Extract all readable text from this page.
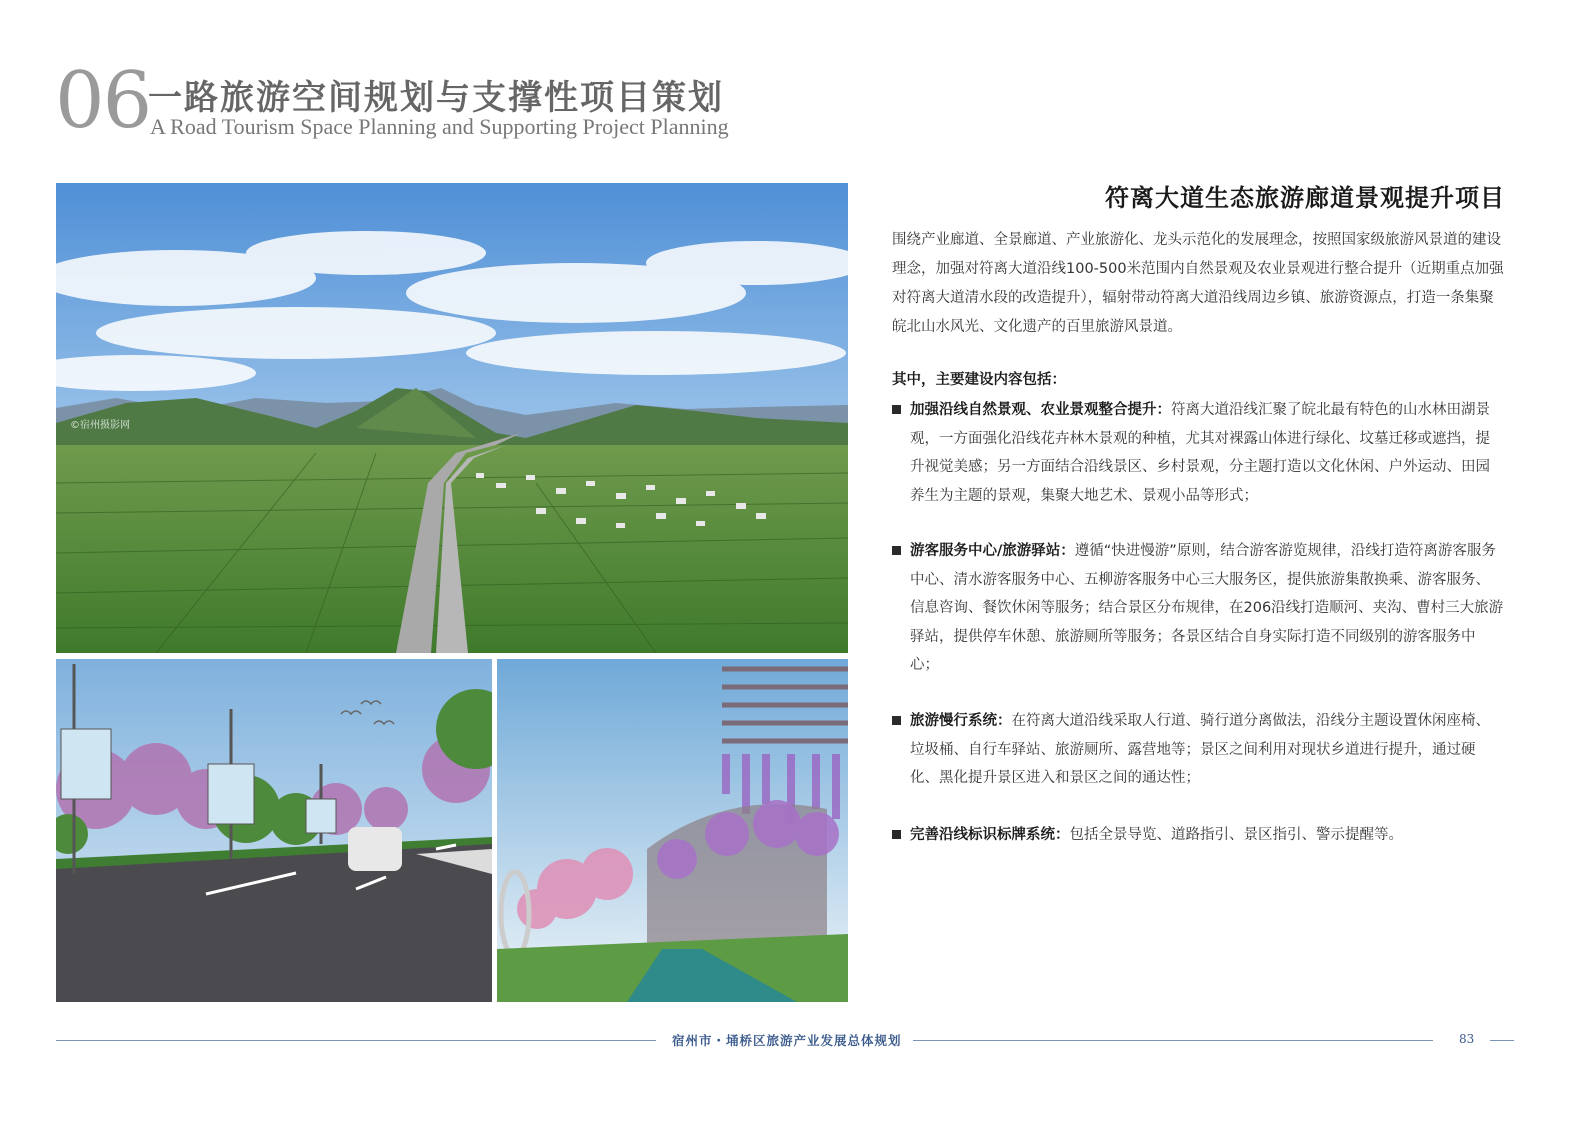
06
一路旅游空间规划与支撑性项目策划
A Road Tourism Space Planning and Supporting Project Planning
©宿州摄影网
符离大道生态旅游廊道景观提升项目

围绕产业廊道、全景廊道、产业旅游化、龙头示范化的发展理念，按照国家级旅游风景道的建设理念，加强对符离大道沿线100-500米范围内自然景观及农业景观进行整合提升（近期重点加强对符离大道清水段的改造提升），辐射带动符离大道沿线周边乡镇、旅游资源点，打造一条集聚皖北山水风光、文化遗产的百里旅游风景道。

其中，主要建设内容包括：

加强沿线自然景观、农业景观整合提升：符离大道沿线汇聚了皖北最有特色的山水林田湖景观，一方面强化沿线花卉林木景观的种植，尤其对裸露山体进行绿化、坟墓迁移或遮挡，提升视觉美感；另一方面结合沿线景区、乡村景观，分主题打造以文化休闲、户外运动、田园养生为主题的景观，集聚大地艺术、景观小品等形式；

游客服务中心/旅游驿站：遵循“快进慢游”原则，结合游客游览规律，沿线打造符离游客服务中心、清水游客服务中心、五柳游客服务中心三大服务区，提供旅游集散换乘、游客服务、信息咨询、餐饮休闲等服务；结合景区分布规律，在206沿线打造顺河、夹沟、曹村三大旅游驿站，提供停车休憩、旅游厕所等服务；各景区结合自身实际打造不同级别的游客服务中心；

旅游慢行系统：在符离大道沿线采取人行道、骑行道分离做法，沿线分主题设置休闲座椅、垃圾桶、自行车驿站、旅游厕所、露营地等；景区之间利用对现状乡道进行提升，通过硬化、黑化提升景区进入和景区之间的通达性；

完善沿线标识标牌系统：包括全景导览、道路指引、景区指引、警示提醒等。

宿州市・埇桥区旅游产业发展总体规划	83
